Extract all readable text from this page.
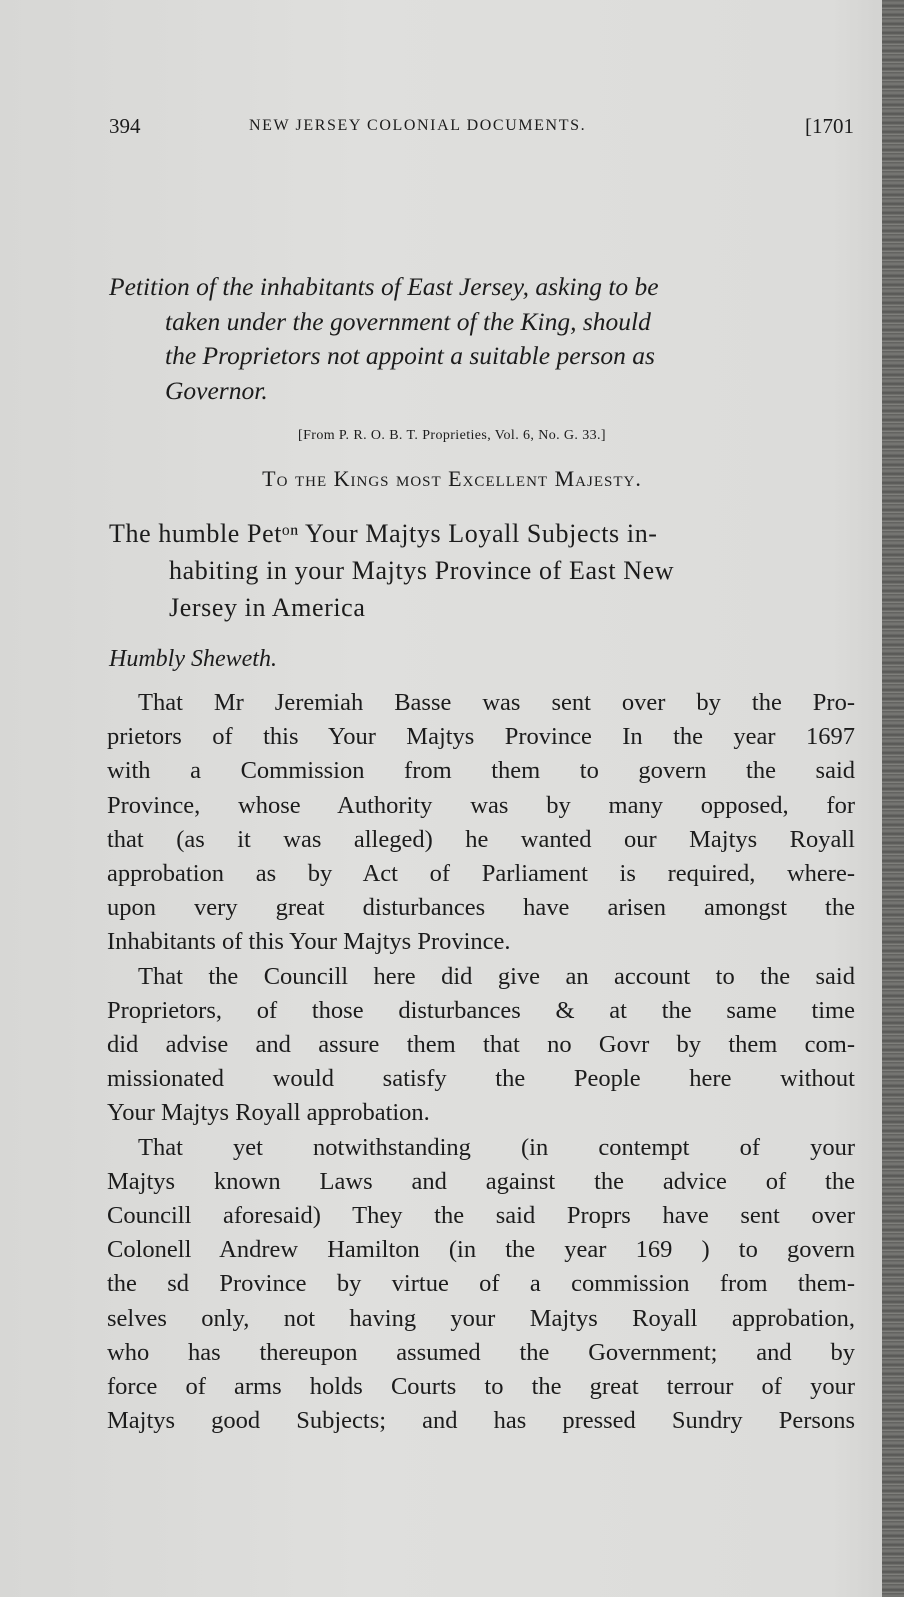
394	NEW JERSEY COLONIAL DOCUMENTS.	[1701
Petition of the inhabitants of East Jersey, asking to be
taken under the government of the King, should
the Proprietors not appoint a suitable person as
Governor.
[From P. R. O. B. T. Proprieties, Vol. 6, No. G. 33.]
To the Kings most Excellent Majesty.
The humble Petᵒⁿ Your Majtys Loyall Subjects in-
habiting in your Majtys Province of East New
Jersey in America
Humbly Sheweth.

That Mr Jeremiah Basse was sent over by the Pro-
prietors of this Your Majtys Province In the year 1697
with a Commission from them to govern the said
Province, whose Authority was by many opposed, for
that (as it was alleged) he wanted our Majtys Royall
approbation as by Act of Parliament is required, where-
upon very great disturbances have arisen amongst the
Inhabitants of this Your Majtys Province.

That the Councill here did give an account to the said
Proprietors, of those disturbances & at the same time
did advise and assure them that no Govr by them com-
missionated would satisfy the People here without
Your Majtys Royall approbation.

That yet notwithstanding (in contempt of your
Majtys known Laws and against the advice of the
Councill aforesaid) They the said Proprs have sent over
Colonell Andrew Hamilton (in the year 169 ) to govern
the sd Province by virtue of a commission from them-
selves only, not having your Majtys Royall approbation,
who has thereupon assumed the Government; and by
force of arms holds Courts to the great terrour of your
Majtys good Subjects; and has pressed Sundry Persons
